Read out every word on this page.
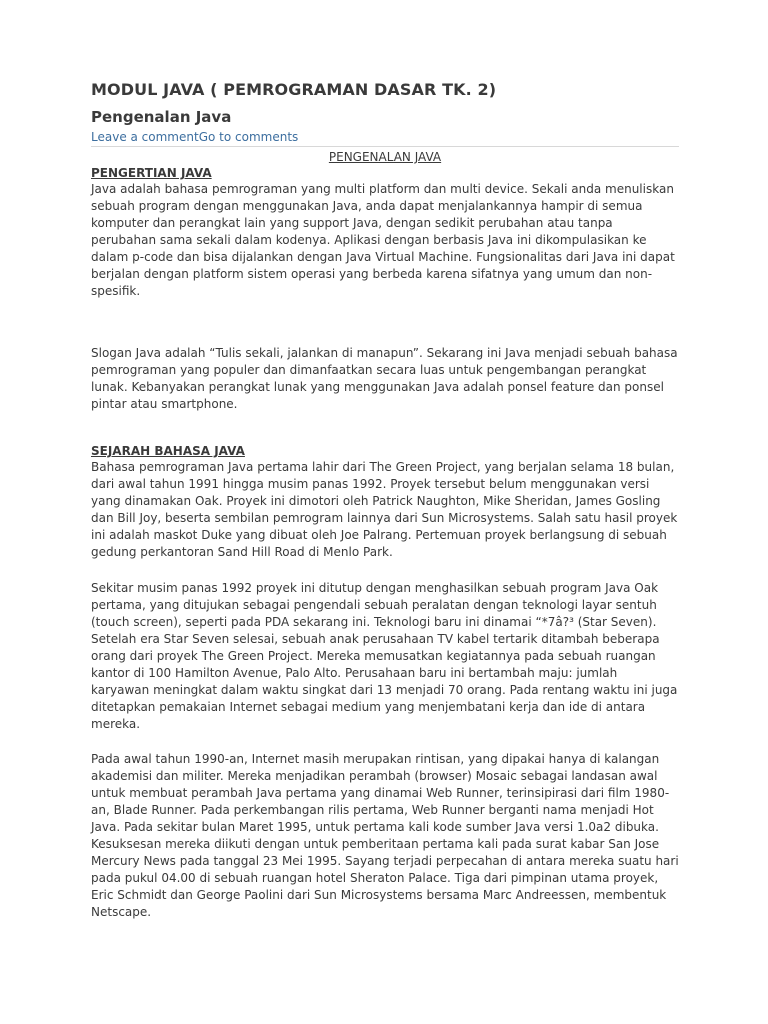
MODUL JAVA ( PEMROGRAMAN DASAR TK. 2)
Pengenalan Java
Leave a commentGo to comments
PENGENALAN JAVA
PENGERTIAN JAVA

Java adalah bahasa pemrograman yang multi platform dan multi device. Sekali anda menuliskan sebuah program dengan menggunakan Java, anda dapat menjalankannya hampir di semua komputer dan perangkat lain yang support Java, dengan sedikit perubahan atau tanpa perubahan sama sekali dalam kodenya. Aplikasi dengan berbasis Java ini dikompulasikan ke dalam p-code dan bisa dijalankan dengan Java Virtual Machine. Fungsionalitas dari Java ini dapat berjalan dengan platform sistem operasi yang berbeda karena sifatnya yang umum dan non-spesifik.

Slogan Java adalah “Tulis sekali, jalankan di manapun”. Sekarang ini Java menjadi sebuah bahasa pemrograman yang populer dan dimanfaatkan secara luas untuk pengembangan perangkat lunak. Kebanyakan perangkat lunak yang menggunakan Java adalah ponsel feature dan ponsel pintar atau smartphone.

SEJARAH BAHASA JAVA

Bahasa pemrograman Java pertama lahir dari The Green Project, yang berjalan selama 18 bulan, dari awal tahun 1991 hingga musim panas 1992. Proyek tersebut belum menggunakan versi yang dinamakan Oak. Proyek ini dimotori oleh Patrick Naughton, Mike Sheridan, James Gosling dan Bill Joy, beserta sembilan pemrogram lainnya dari Sun Microsystems. Salah satu hasil proyek ini adalah maskot Duke yang dibuat oleh Joe Palrang. Pertemuan proyek berlangsung di sebuah gedung perkantoran Sand Hill Road di Menlo Park.

Sekitar musim panas 1992 proyek ini ditutup dengan menghasilkan sebuah program Java Oak pertama, yang ditujukan sebagai pengendali sebuah peralatan dengan teknologi layar sentuh (touch screen), seperti pada PDA sekarang ini. Teknologi baru ini dinamai “*7â?³ (Star Seven). Setelah era Star Seven selesai, sebuah anak perusahaan TV kabel tertarik ditambah beberapa orang dari proyek The Green Project. Mereka memusatkan kegiatannya pada sebuah ruangan kantor di 100 Hamilton Avenue, Palo Alto. Perusahaan baru ini bertambah maju: jumlah karyawan meningkat dalam waktu singkat dari 13 menjadi 70 orang. Pada rentang waktu ini juga ditetapkan pemakaian Internet sebagai medium yang menjembatani kerja dan ide di antara mereka.

Pada awal tahun 1990-an, Internet masih merupakan rintisan, yang dipakai hanya di kalangan akademisi dan militer. Mereka menjadikan perambah (browser) Mosaic sebagai landasan awal untuk membuat perambah Java pertama yang dinamai Web Runner, terinsipirasi dari film 1980-an, Blade Runner. Pada perkembangan rilis pertama, Web Runner berganti nama menjadi Hot Java. Pada sekitar bulan Maret 1995, untuk pertama kali kode sumber Java versi 1.0a2 dibuka. Kesuksesan mereka diikuti dengan untuk pemberitaan pertama kali pada surat kabar San Jose Mercury News pada tanggal 23 Mei 1995. Sayang terjadi perpecahan di antara mereka suatu hari pada pukul 04.00 di sebuah ruangan hotel Sheraton Palace. Tiga dari pimpinan utama proyek, Eric Schmidt dan George Paolini dari Sun Microsystems bersama Marc Andreessen, membentuk Netscape.
